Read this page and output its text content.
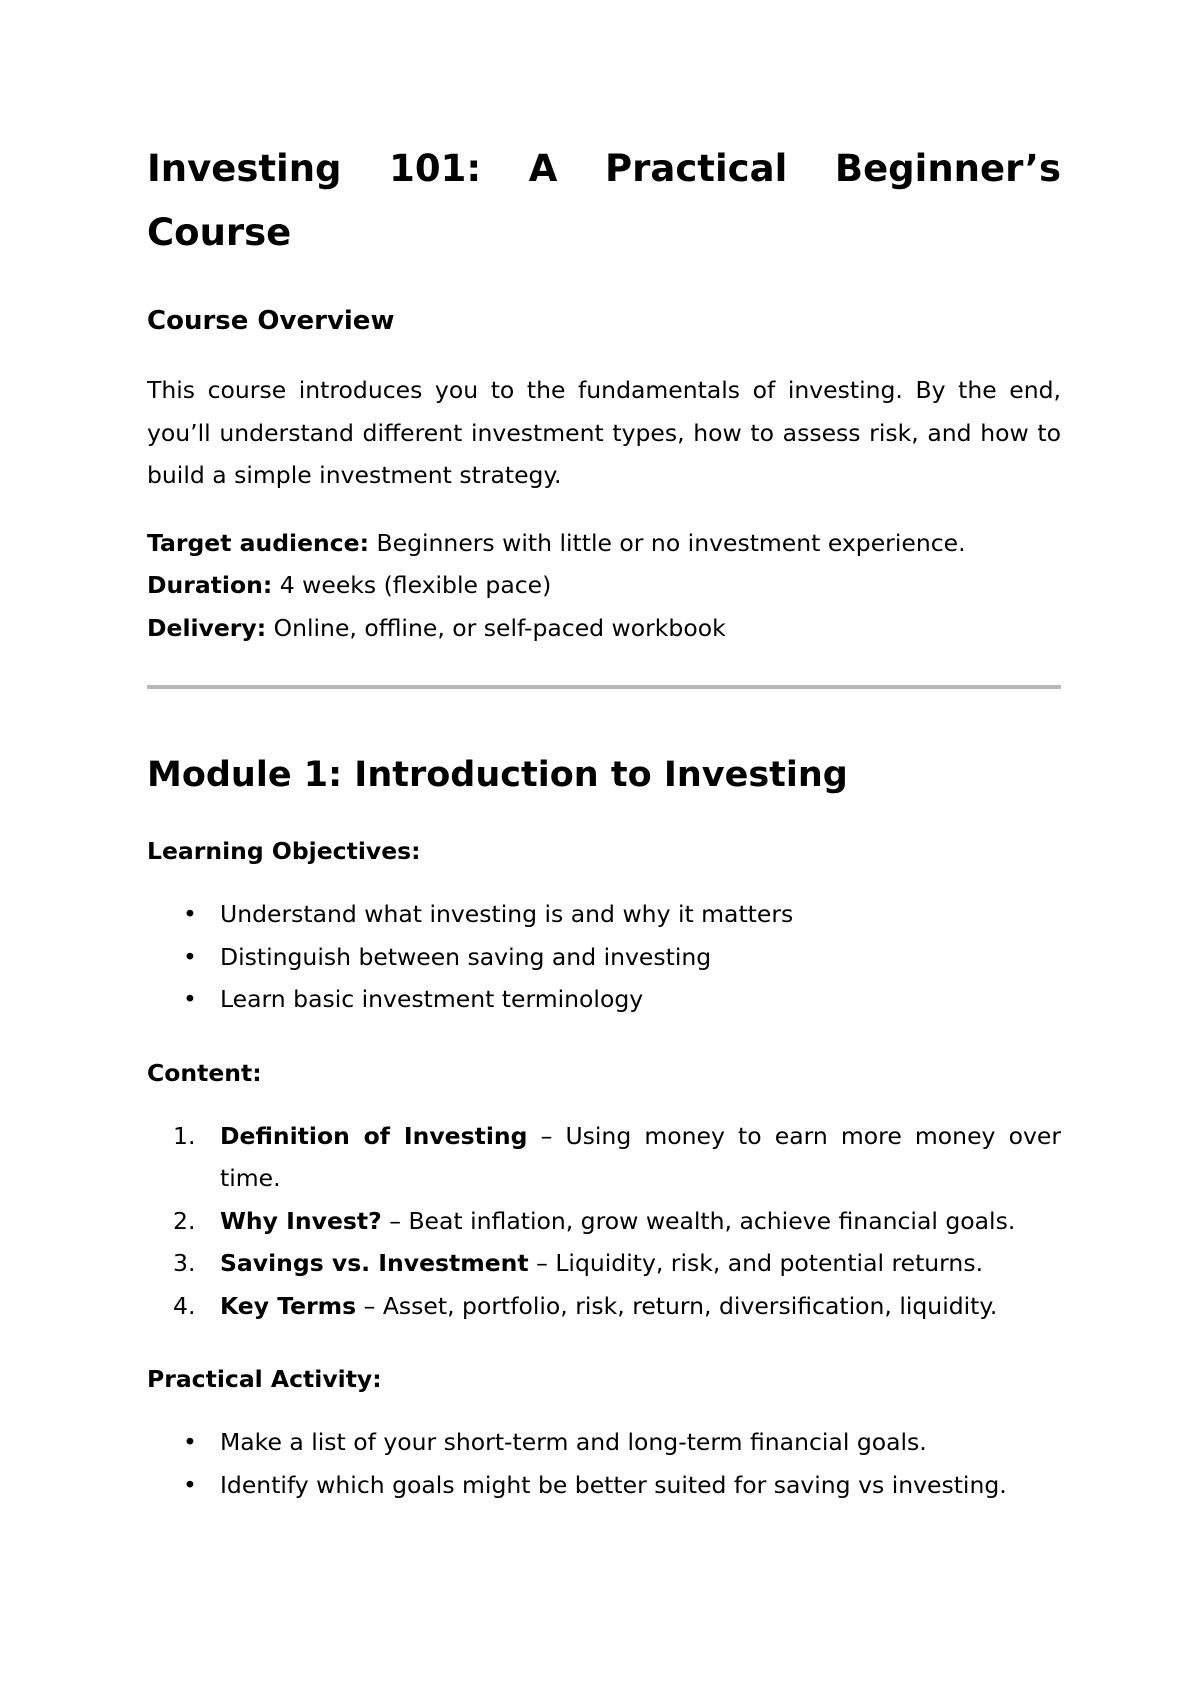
Investing 101: A Practical Beginner’s Course
Course Overview

This course introduces you to the fundamentals of investing. By the end, you’ll understand different investment types, how to assess risk, and how to build a simple investment strategy.

Target audience: Beginners with little or no investment experience.
Duration: 4 weeks (flexible pace)
Delivery: Online, offline, or self-paced workbook
Module 1: Introduction to Investing
Learning Objectives:
• Understand what investing is and why it matters
• Distinguish between saving and investing
• Learn basic investment terminology
Content:
1. Definition of Investing – Using money to earn more money over time.
2. Why Invest? – Beat inflation, grow wealth, achieve financial goals.
3. Savings vs. Investment – Liquidity, risk, and potential returns.
4. Key Terms – Asset, portfolio, risk, return, diversification, liquidity.
Practical Activity:
• Make a list of your short-term and long-term financial goals.
• Identify which goals might be better suited for saving vs investing.
